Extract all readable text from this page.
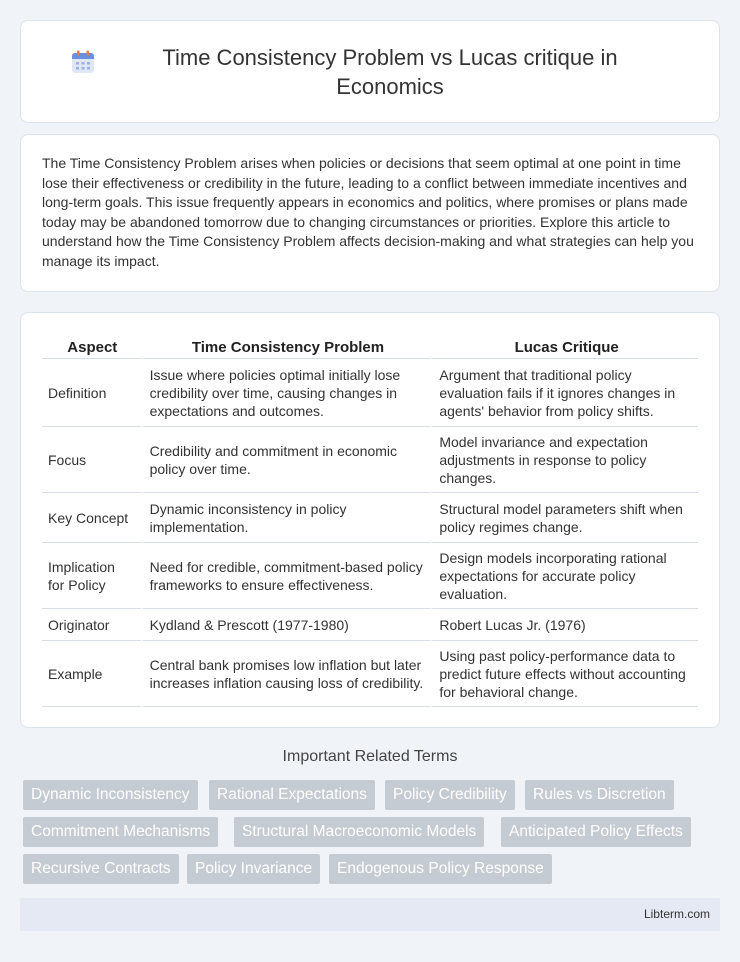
Time Consistency Problem vs Lucas critique in Economics

The Time Consistency Problem arises when policies or decisions that seem optimal at one point in time lose their effectiveness or credibility in the future, leading to a conflict between immediate incentives and long-term goals. This issue frequently appears in economics and politics, where promises or plans made today may be abandoned tomorrow due to changing circumstances or priorities. Explore this article to understand how the Time Consistency Problem affects decision-making and what strategies can help you manage its impact.

Aspect	Time Consistency Problem	Lucas Critique
Definition	Issue where policies optimal initially lose credibility over time, causing changes in expectations and outcomes.	Argument that traditional policy evaluation fails if it ignores changes in agents' behavior from policy shifts.
Focus	Credibility and commitment in economic policy over time.	Model invariance and expectation adjustments in response to policy changes.
Key Concept	Dynamic inconsistency in policy implementation.	Structural model parameters shift when policy regimes change.
Implication for Policy	Need for credible, commitment-based policy frameworks to ensure effectiveness.	Design models incorporating rational expectations for accurate policy evaluation.
Originator	Kydland & Prescott (1977-1980)	Robert Lucas Jr. (1976)
Example	Central bank promises low inflation but later increases inflation causing loss of credibility.	Using past policy-performance data to predict future effects without accounting for behavioral change.
Important Related Terms
Dynamic Inconsistency	Rational Expectations	Policy Credibility	Rules vs Discretion
Commitment Mechanisms	Structural Macroeconomic Models	Anticipated Policy Effects
Recursive Contracts	Policy Invariance	Endogenous Policy Response
Libterm.com
